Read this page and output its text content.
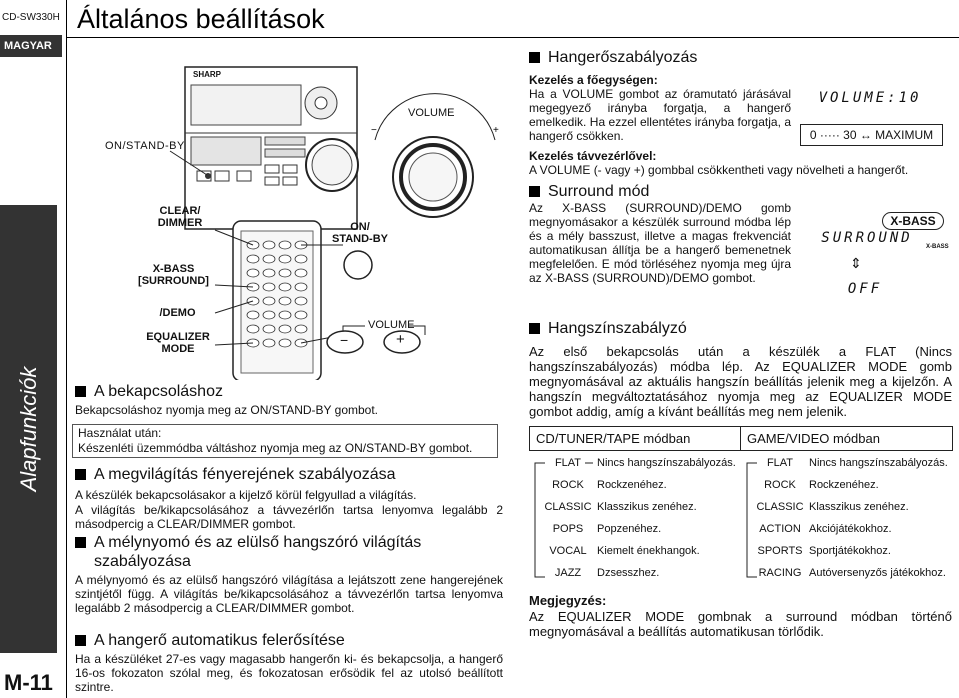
CD-SW330H
MAGYAR
Alapfunkciók
M-11
Általános beállítások
−	+
SHARP
ON/STAND-BY
VOLUME
CLEAR/
DIMMER
X-BASS
[SURROUND]
/DEMO
EQUALIZER
MODE
ON/
STAND-BY
VOLUME
−	+
A bekapcsoláshoz
Bekapcsoláshoz nyomja meg az ON/STAND-BY gombot.
Használat után:
Készenléti üzemmódba váltáshoz nyomja meg az ON/STAND-BY gombot.
A megvilágítás fényerejének szabályozása
A készülék bekapcsolásakor a kijelző körül felgyullad a világítás.
A világítás be/kikapcsolásához a távvezérlőn tartsa lenyomva legalább 2 másodpercig a CLEAR/DIMMER gombot.
A mélynyomó és az elülső hangszóró világítás
szabályozása
A mélynyomó és az elülső hangszóró világítása a lejátszott zene hangerejének szintjétől függ. A világítás be/kikapcsolásához a távvezérlőn tartsa lenyomva legalább 2 másodpercig a CLEAR/DIMMER gombot.
A hangerő automatikus felerősítése
Ha a készüléket 27-es vagy magasabb hangerőn ki- és bekapcsolja, a hangerő 16-os fokozaton szólal meg, és fokozatosan erősödik fel az utolsó beállított szintre.
Hangerőszabályozás
Kezelés a főegységen:
Ha a VOLUME gombot az óramutató járásával megegyező irányba forgatja, a hangerő emelkedik. Ha ezzel ellentétes irányba forgatja, a hangerő csökken.
VOLUME:10
0 ····· 30 ↔ MAXIMUM
Kezelés távvezérlővel:
A VOLUME (- vagy +) gombbal csökkentheti vagy növelheti a hangerőt.
Surround mód
Az X-BASS (SURROUND)/DEMO gomb megnyomásakor a készülék surround módba lép és a mély basszust, illetve a magas frekvenciát automatikusan állítja be a hangerő bemenetnek megfelelően. E mód törléséhez nyomja meg újra az X-BASS (SURROUND)/DEMO gombot.
X-BASS
SURROUND
X-BASS
⇕
OFF
Hangszínszabályzó
Az első bekapcsolás után a készülék a FLAT (Nincs hangszínszabályozás) módba lép. Az EQUALIZER MODE gomb megnyomásával az aktuális hangszín beállítás jelenik meg a kijelzőn. A hangszín megváltoztatásához nyomja meg az EQUALIZER MODE gombot addig, amíg a kívánt beállítás meg nem jelenik.
CD/TUNER/TAPE módban	GAME/VIDEO módban
FLAT Nincs hangszínszabályozás.
ROCK Rockzenéhez.
CLASSIC Klasszikus zenéhez.
POPS Popzenéhez.
VOCAL Kiemelt énekhangok.
JAZZ Dzsesszhez.
FLAT Nincs hangszínszabályozás.
ROCK Rockzenéhez.
CLASSIC Klasszikus zenéhez.
ACTION Akciójátékokhoz.
SPORTS Sportjátékokhoz.
RACING Autóversenyzős játékokhoz.
Megjegyzés:
Az EQUALIZER MODE gombnak a surround módban történő megnyomásával a beállítás automatikusan törlődik.
